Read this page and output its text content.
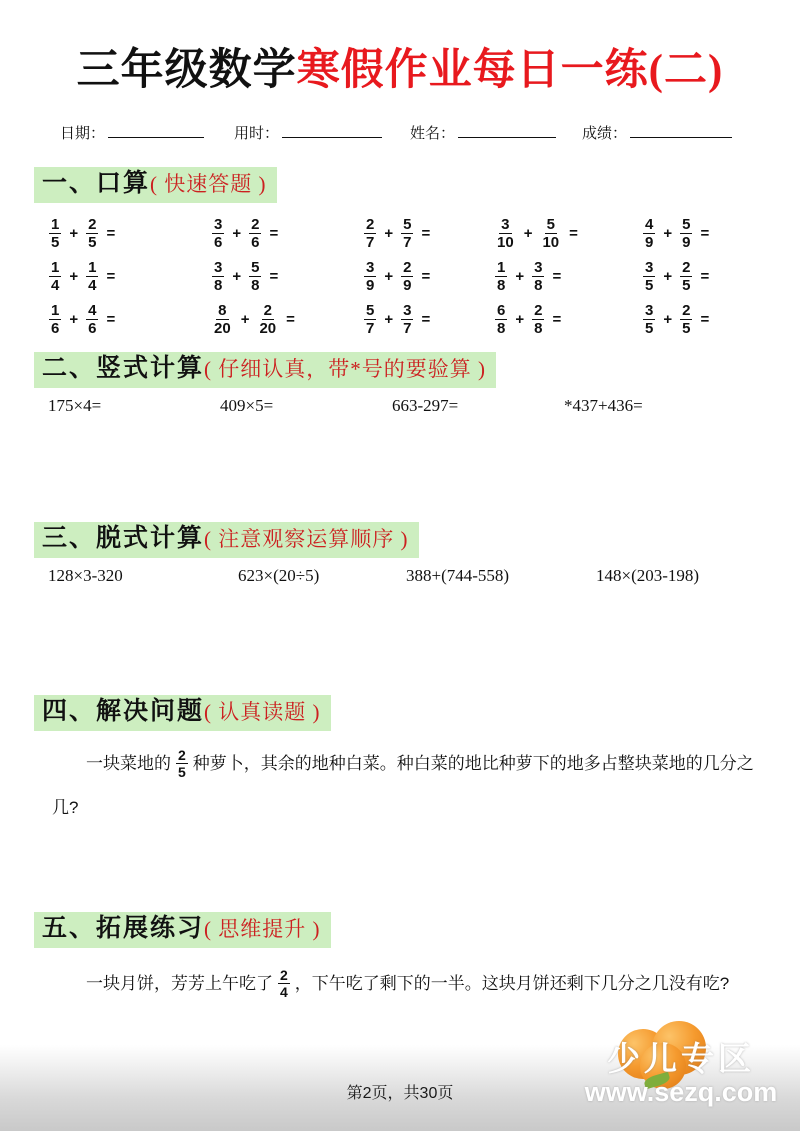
三年级数学寒假作业每日一练(二)
日期：	用时：	姓名：	成绩：
一、口算( 快速答题 )
$\frac{1}{5} + \frac{2}{5}$ =	$\frac{3}{6} + \frac{2}{6}$ =	$\frac{2}{7} + \frac{5}{7}$ =	$\frac{3}{10} + \frac{5}{10}$ =	$\frac{4}{9} + \frac{5}{9}$ =
$\frac{1}{4} + \frac{1}{4}$ =	$\frac{3}{8} + \frac{5}{8}$ =	$\frac{3}{9} + \frac{2}{9}$ =	$\frac{1}{8} + \frac{3}{8}$ =	$\frac{3}{5} + \frac{2}{5}$ =
$\frac{1}{6} + \frac{4}{6}$ =	$\frac{8}{20} + \frac{2}{20}$ =	$\frac{5}{7} + \frac{3}{7}$ =	$\frac{6}{8} + \frac{2}{8}$ =	$\frac{3}{5} + \frac{2}{5}$ =
二、竖式计算( 仔细认真，带*号的要验算 )
175×4=	409×5=	663-297=	*437+436=
三、脱式计算( 注意观察运算顺序 )
128×3-320	623×(20÷5)	388+(744-558)	148×(203-198)
四、解决问题( 认真读题 )
一块菜地的 $\frac{2}{5}$ 种萝卜，其余的地种白菜。种白菜的地比种萝下的地多占整块菜地的几分之几?
五、拓展练习( 思维提升 )
一块月饼，芳芳上午吃了 $\frac{2}{4}$ ，下午吃了剩下的一半。这块月饼还剩下几分之几没有吃?
第2页，共30页
少儿专区
www.sezq.com
